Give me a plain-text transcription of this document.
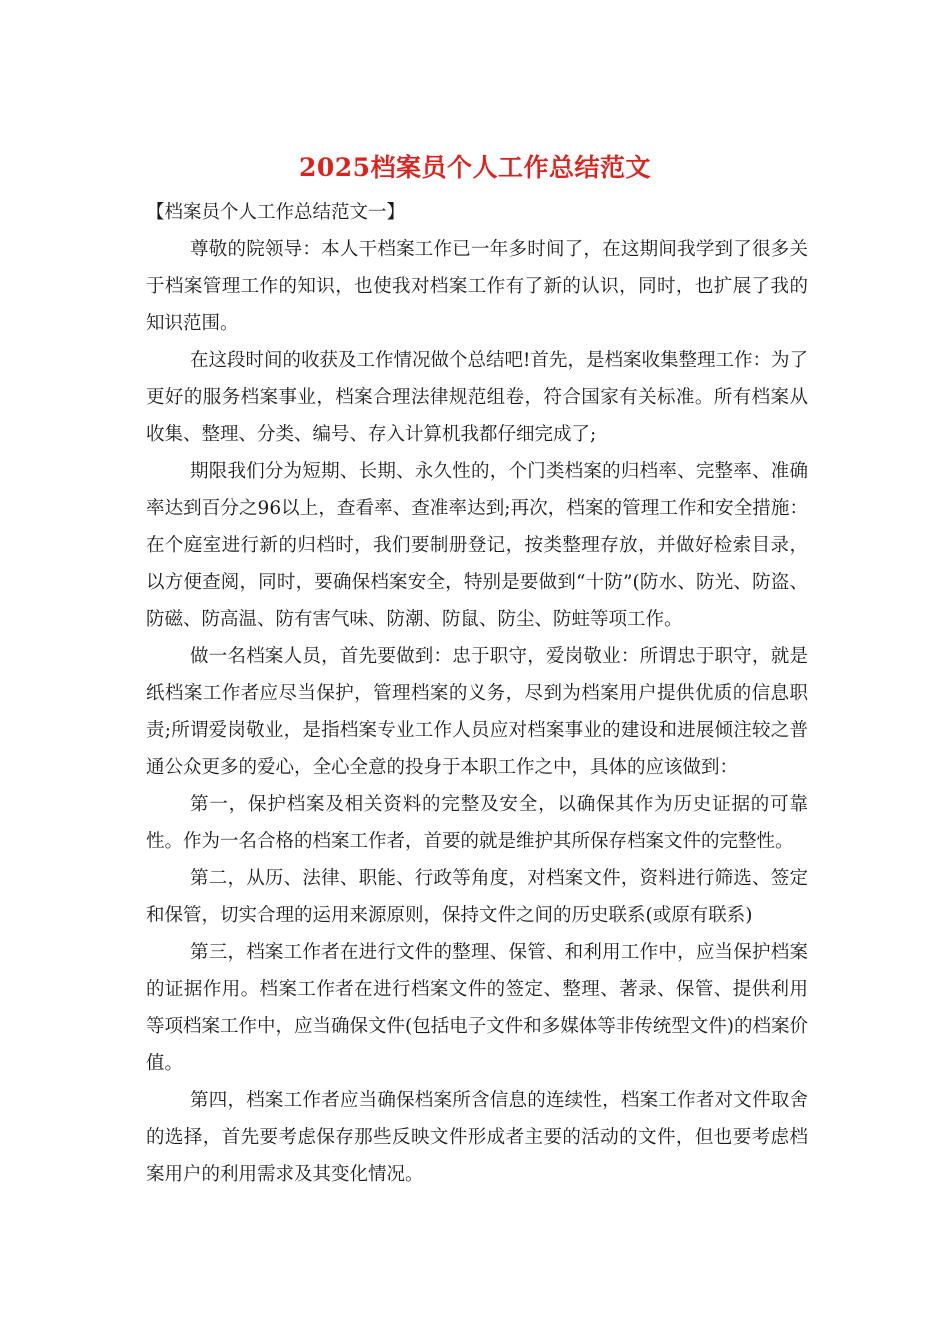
2025档案员个人工作总结范文

【档案员个人工作总结范文一】

尊敬的院领导：本人干档案工作已一年多时间了，在这期间我学到了很多关于档案管理工作的知识，也使我对档案工作有了新的认识，同时，也扩展了我的知识范围。

在这段时间的收获及工作情况做个总结吧!首先，是档案收集整理工作：为了更好的服务档案事业，档案合理法律规范组卷，符合国家有关标准。所有档案从收集、整理、分类、编号、存入计算机我都仔细完成了;

期限我们分为短期、长期、永久性的，个门类档案的归档率、完整率、准确率达到百分之96以上，查看率、查准率达到;再次，档案的管理工作和安全措施：在个庭室进行新的归档时，我们要制册登记，按类整理存放，并做好检索目录，以方便查阅，同时，要确保档案安全，特别是要做到“十防”(防水、防光、防盗、防磁、防高温、防有害气味、防潮、防鼠、防尘、防蛀等项工作。

做一名档案人员，首先要做到：忠于职守，爱岗敬业：所谓忠于职守，就是纸档案工作者应尽当保护，管理档案的义务，尽到为档案用户提供优质的信息职责;所谓爱岗敬业，是指档案专业工作人员应对档案事业的建设和进展倾注较之普通公众更多的爱心，全心全意的投身于本职工作之中，具体的应该做到：

第一，保护档案及相关资料的完整及安全，以确保其作为历史证据的可靠性。作为一名合格的档案工作者，首要的就是维护其所保存档案文件的完整性。

第二，从历、法律、职能、行政等角度，对档案文件，资料进行筛选、签定和保管，切实合理的运用来源原则，保持文件之间的历史联系(或原有联系)

第三，档案工作者在进行文件的整理、保管、和利用工作中，应当保护档案的证据作用。档案工作者在进行档案文件的签定、整理、著录、保管、提供利用等项档案工作中，应当确保文件(包括电子文件和多媒体等非传统型文件)的档案价值。

第四，档案工作者应当确保档案所含信息的连续性，档案工作者对文件取舍的选择，首先要考虑保存那些反映文件形成者主要的活动的文件，但也要考虑档案用户的利用需求及其变化情况。
